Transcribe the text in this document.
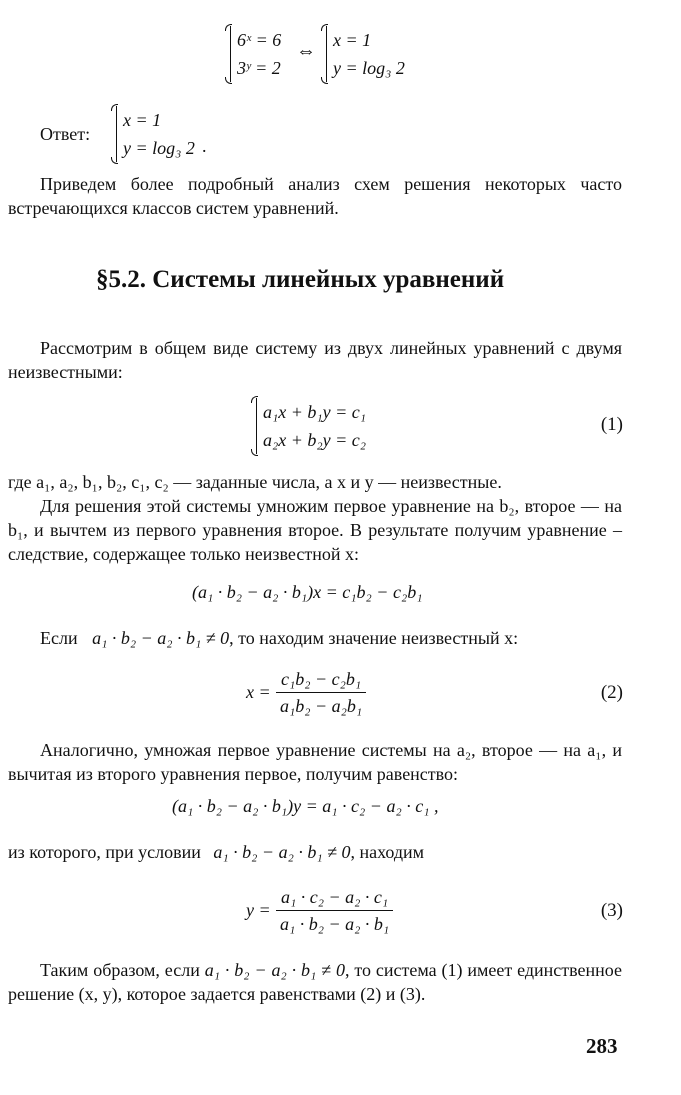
6ˣ = 6
3ʸ = 2
⇔ x = 1
y = log₃ 2
Ответ:
x = 1
y = log₃ 2 .
Приведем более подробный анализ схем решения некоторых часто встречающихся классов систем уравнений.
§5.2. Системы линейных уравнений
Рассмотрим в общем виде систему из двух линейных уравнений с двумя неизвестными:
a₁x + b₁y = c₁
a₂x + b₂y = c₂
(1)
где a₁, a₂, b₁, b₂, c₁, c₂ — заданные числа, а x и y — неизвестные.
Для решения этой системы умножим первое уравнение на b₂, второе — на b₁, и вычтем из первого уравнения второе. В результате получим уравнение – следствие, содержащее только неизвестной x:
(a₁ · b₂ − a₂ · b₁)x = c₁b₂ − c₂b₁
Если a₁ · b₂ − a₂ · b₁ ≠ 0, то находим значение неизвестный x:
$x = \frac{\text{c₁b₂ − c₂b₁}}{\text{a₁b₂ − a₂b₁}}$	(2)
Аналогично, умножая первое уравнение системы на a₂, второе — на a₁, и вычитая из второго уравнения первое, получим равенство:
(a₁ · b₂ − a₂ · b₁)y = a₁ · c₂ − a₂ · c₁ ,
из которого, при условии a₁ · b₂ − a₂ · b₁ ≠ 0, находим
$y = \frac{\text{a₁ · c₂ − a₂ · c₁}}{\text{a₁ · b₂ − a₂ · b₁}}$	(3)
Таким образом, если a₁ · b₂ − a₂ · b₁ ≠ 0, то система (1) имеет единственное решение (x, y), которое задается равенствами (2) и (3).
283
